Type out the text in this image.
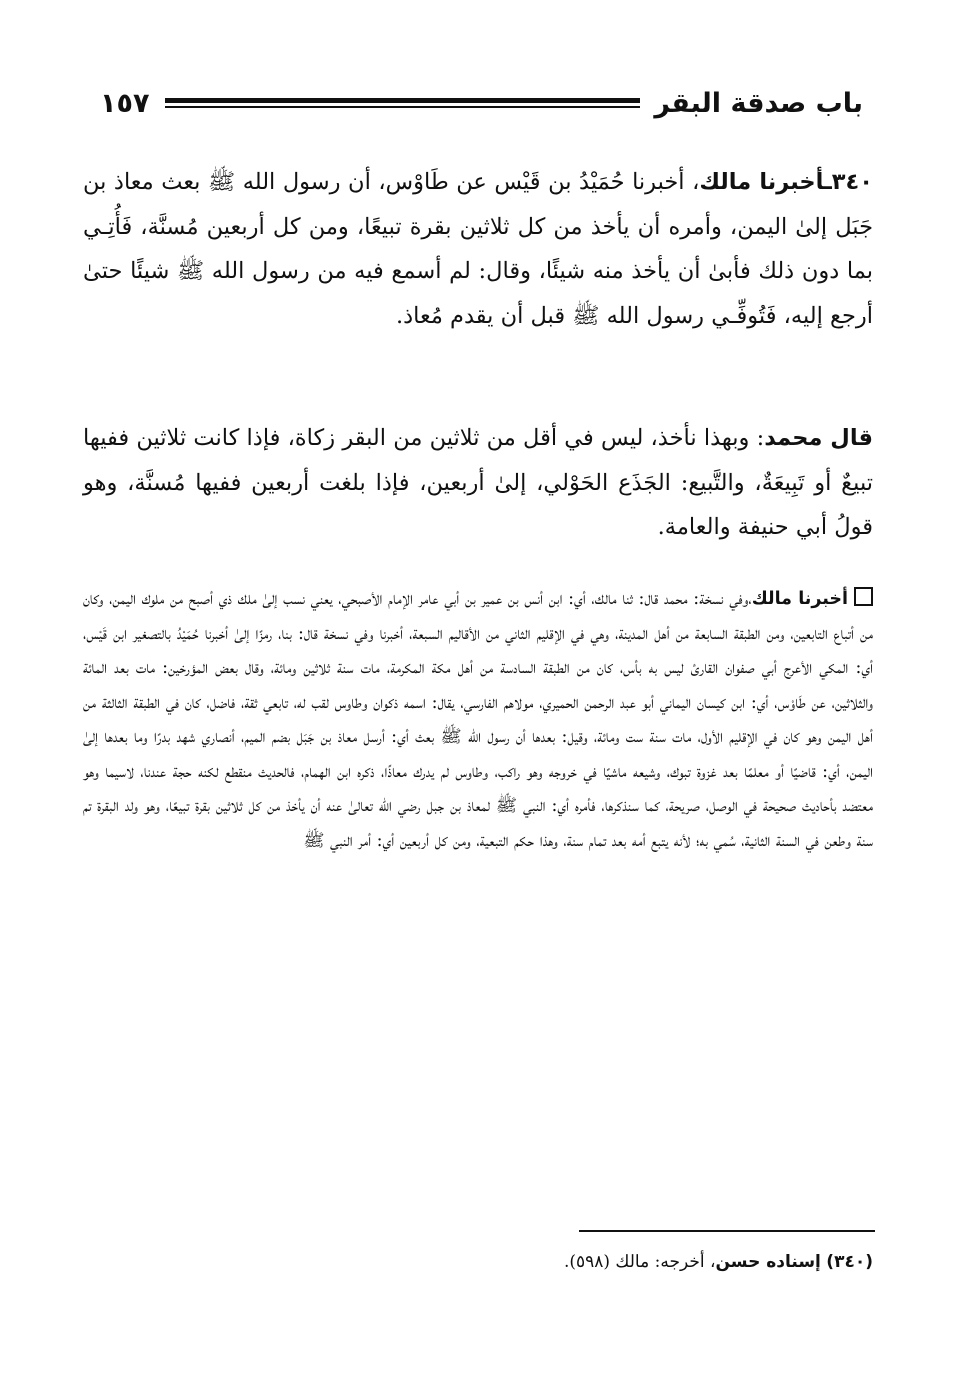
باب صدقة البقر
١٥٧

٣٤٠ـأخبرنا مالك، أخبرنا حُمَيْدُ بن قَيْس عن طَاوْس، أن رسول الله ﷺ بعث معاذ بن جَبَل إلىٰ اليمن، وأمره أن يأخذ من كل ثلاثين بقرة تبيعًا، ومن كل أربعين مُسنَّة، فَأُتِـي بما دون ذلك فأبىٰ أن يأخذ منه شيئًا، وقال: لم أسمع فيه من رسول الله ﷺ شيئًا حتىٰ أرجع إليه، فَتُوفِّـي رسول الله ﷺ قبل أن يقدم مُعاذ.

قال محمد: وبهذا نأخذ، ليس في أقل من ثلاثين من البقر زكاة، فإذا كانت ثلاثين ففيها تبيعٌ أو تَبِيعَةٌ، والتَّبيع: الجَذَع الحَوْلي، إلىٰ أربعين، فإذا بلغت أربعين ففيها مُسنَّة، وهو قولُ أبي حنيفة والعامة.

أخبرنا مالك،وفي نسخة: محمد قال: ثنا مالك، أي: ابن أنس بن عمير بن أبي عامر الإمام الأصبحي، يعني نسب إلىٰ ملك ذي أصبح من ملوك اليمن، وكان من أتباع التابعين، ومن الطبقة السابعة من أهل المدينة، وهي في الإقليم الثاني من الأقاليم السبعة، أخبرنا وفي نسخة قال: بنا، رمزًا إلىٰ أخبرنا حُمَيْدُ بالتصغير ابن قَيْس، أي: المكي الأعرج أبي صفوان القارئ ليس به بأس، كان من الطبقة السادسة من أهل مكة المكرمة، مات سنة ثلاثين ومائة، وقال بعض المؤرخين: مات بعد المائة والثلاثين، عن طَاوْس، أي: ابن كيسان اليماني أبو عبد الرحمن الحميري، مولاهم الفارسي، يقال: اسمه ذكوان وطاوس لقب له، تابعي ثقة، فاضل، كان في الطبقة الثالثة من أهل اليمن وهو كان في الإقليم الأول، مات سنة ست ومائة، وقيل: بعدها أن رسول الله ﷺ بعث أي: أرسل معاذ بن جَبَل بضم الميم، أنصاري شهد بدرًا وما بعدها إلىٰ اليمن، أي: قاضيًا أو معلمًا بعد غزوة تبوك، وشيعه ماشيًا في خروجه وهو راكب، وطاوس لم يدرك معاذًا، ذكره ابن الهمام، فالحديث منقطع لكنه حجة عندنا، لاسيما وهو معتضد بأحاديث صحيحة في الوصل، صريحة، كما سنذكرها، فأمره أي: النبي ﷺ لمعاذ بن جبل رضي الله تعالىٰ عنه أن يأخذ من كل ثلاثين بقرة تبيعًا، وهو ولد البقرة تم سنة وطعن في السنة الثانية، سُمي به؛ لأنه يتبع أمه بعد تمام سنة، وهذا حكم التبعية، ومن كل أربعين أي: أمر النبي ﷺ

(٣٤٠) إسناده حسن، أخرجه: مالك (٥٩٨).
